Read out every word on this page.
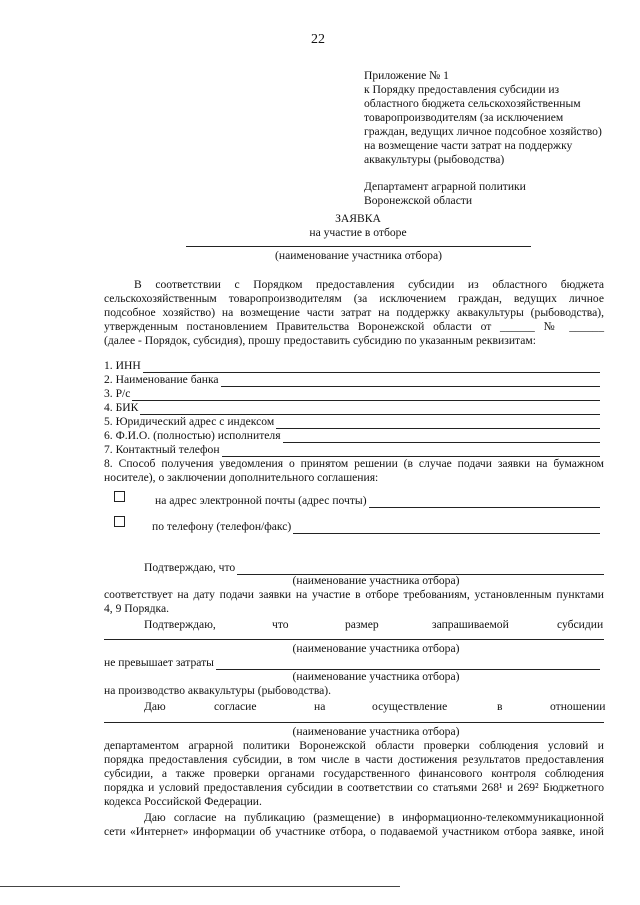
22
Приложение № 1
к Порядку предоставления субсидии из
областного бюджета сельскохозяйственным
товаропроизводителям (за исключением
граждан, ведущих личное подсобное хозяйство)
на возмещение части затрат на поддержку
аквакультуры (рыбоводства)
Департамент аграрной политики
Воронежской области
ЗАЯВКА
на участие в отборе
(наименование участника отбора)
В соответствии с Порядком предоставления субсидии из областного бюджета
сельскохозяйственным товаропроизводителям (за исключением граждан, ведущих личное
подсобное хозяйство) на возмещение части затрат на поддержку аквакультуры (рыбоводства),
утвержденным постановлением Правительства Воронежской области от ______ № ______
(далее - Порядок, субсидия), прошу предоставить субсидию по указанным реквизитам:
1. ИНН
2. Наименование банка
3. Р/с
4. БИК
5. Юридический адрес с индексом
6. Ф.И.О. (полностью) исполнителя
7. Контактный телефон
8. Способ получения уведомления о принятом решении (в случае подачи заявки на бумажном
носителе), о заключении дополнительного соглашения:
на адрес электронной почты (адрес почты)
по телефону (телефон/факс)
Подтверждаю, что
(наименование участника отбора)
соответствует на дату подачи заявки на участие в отборе требованиям, установленным пунктами
4, 9 Порядка.
Подтверждаю,	что	размер	запрашиваемой	субсидии
(наименование участника отбора)
не превышает затраты
(наименование участника отбора)
на производство аквакультуры (рыбоводства).
Даю	согласие	на	осуществление	в	отношении
(наименование участника отбора)
департаментом аграрной политики Воронежской области проверки соблюдения условий и
порядка предоставления субсидии, в том числе в части достижения результатов предоставления
субсидии, а также проверки органами государственного финансового контроля соблюдения
порядка и условий предоставления субсидии в соответствии со статьями 268¹ и 269² Бюджетного
кодекса Российской Федерации.
Даю согласие на публикацию (размещение) в информационно-телекоммуникационной
сети «Интернет» информации об участнике отбора, о подаваемой участником отбора заявке, иной
